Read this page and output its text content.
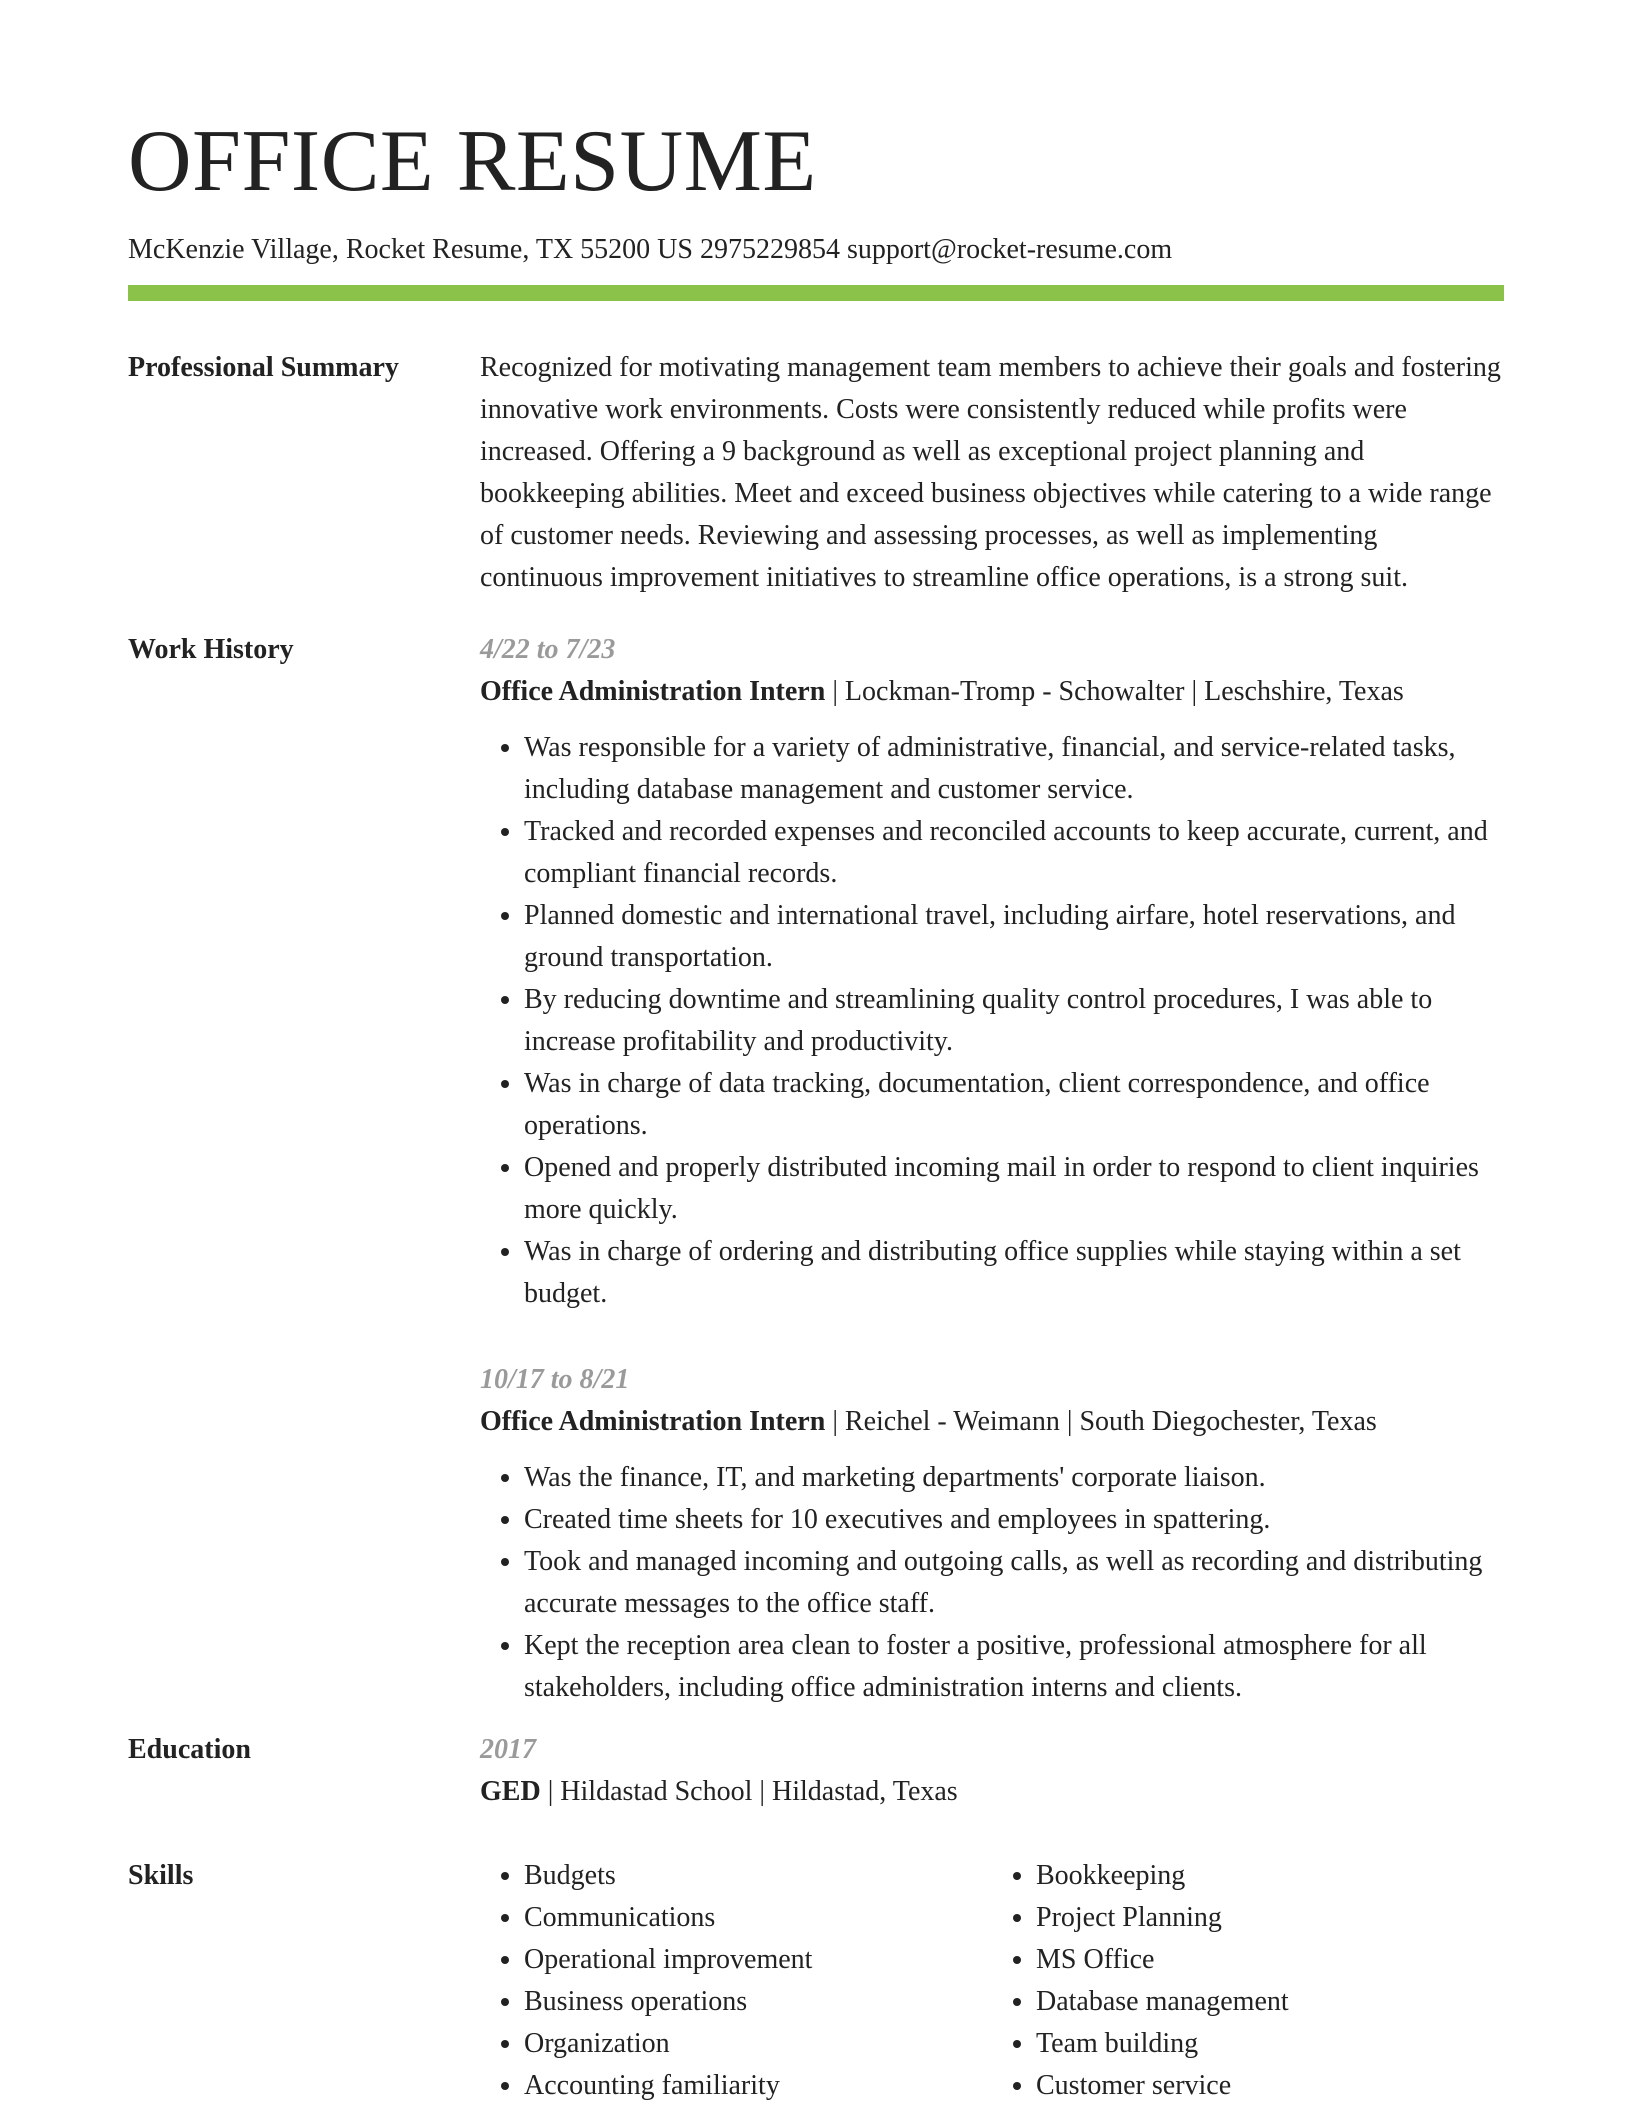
OFFICE RESUME
McKenzie Village, Rocket Resume, TX 55200 US 2975229854 support@rocket-resume.com
Professional Summary	Recognized for motivating management team members to achieve their goals and fostering innovative work environments. Costs were consistently reduced while profits were increased. Offering a 9 background as well as exceptional project planning and bookkeeping abilities. Meet and exceed business objectives while catering to a wide range of customer needs. Reviewing and assessing processes, as well as implementing continuous improvement initiatives to streamline office operations, is a strong suit.
Work History	4/22 to 7/23
Office Administration Intern | Lockman-Tromp - Schowalter | Leschshire, Texas
• Was responsible for a variety of administrative, financial, and service-related tasks, including database management and customer service.
• Tracked and recorded expenses and reconciled accounts to keep accurate, current, and compliant financial records.
• Planned domestic and international travel, including airfare, hotel reservations, and ground transportation.
• By reducing downtime and streamlining quality control procedures, I was able to increase profitability and productivity.
• Was in charge of data tracking, documentation, client correspondence, and office operations.
• Opened and properly distributed incoming mail in order to respond to client inquiries more quickly.
• Was in charge of ordering and distributing office supplies while staying within a set budget.
10/17 to 8/21
Office Administration Intern | Reichel - Weimann | South Diegochester, Texas
• Was the finance, IT, and marketing departments' corporate liaison.
• Created time sheets for 10 executives and employees in spattering.
• Took and managed incoming and outgoing calls, as well as recording and distributing accurate messages to the office staff.
• Kept the reception area clean to foster a positive, professional atmosphere for all stakeholders, including office administration interns and clients.
Education	2017
GED | Hildastad School | Hildastad, Texas
Skills
•	Budgets
• Communications
• Operational improvement
• Business operations
• Organization
• Accounting familiarity
• Bookkeeping
• Project Planning
• MS Office
• Database management
• Team building
• Customer service
